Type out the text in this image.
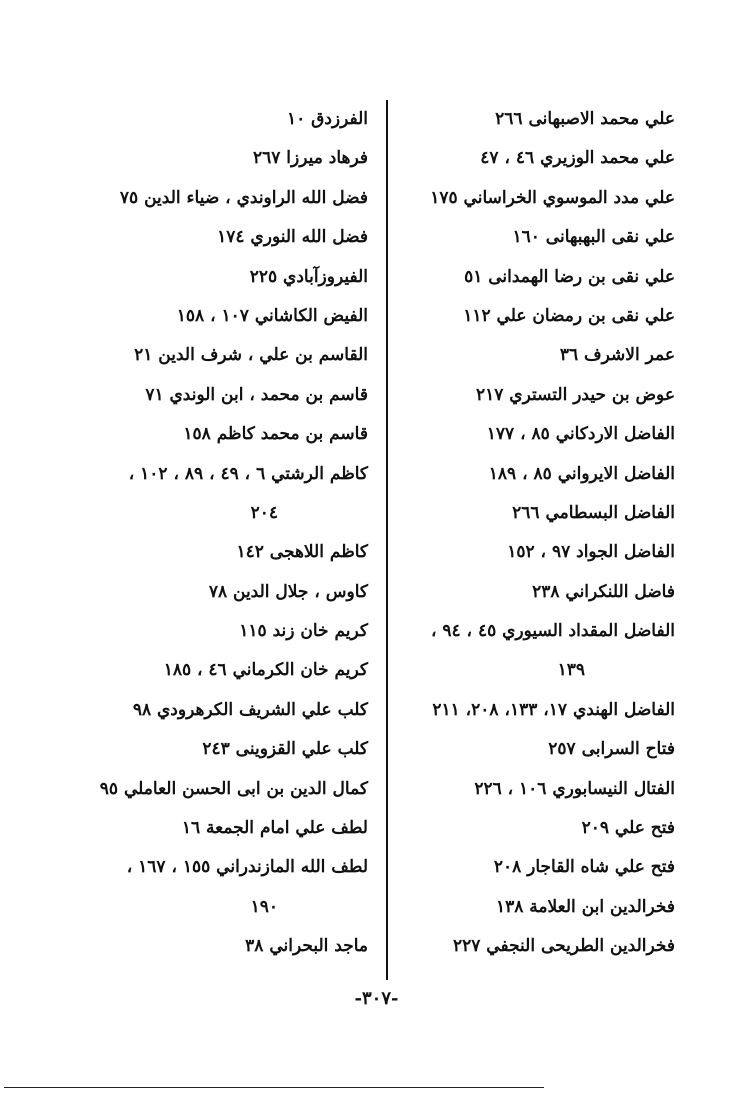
علي محمد الاصبهانى ٢٦٦
علي محمد الوزيري ٤٦ ، ٤٧
علي مدد الموسوي الخراساني ١٧٥
علي نقى البهبهانى ١٦٠
علي نقى بن رضا الهمدانى ٥١
علي نقى بن رمضان علي ١١٢
عمر الاشرف ٣٦
عوض بن حيدر التستري ٢١٧
الفاضل الاردكاني ٨٥ ، ١٧٧
الفاضل الايرواني ٨٥ ، ١٨٩
الفاضل البسطامي ٢٦٦
الفاضل الجواد ٩٧ ، ١٥٢
فاضل اللنكراني ٢٣٨
الفاضل المقداد السيوري ٤٥ ، ٩٤ ،
١٣٩
الفاضل الهندي ١٧، ١٣٣، ٢٠٨، ٢١١
فتاح السرابى ٢٥٧
الفتال النيسابوري ١٠٦ ، ٢٢٦
فتح علي ٢٠٩
فتح علي شاه القاجار ٢٠٨
فخرالدين ابن العلامة ١٣٨
فخرالدين الطريحى النجفي ٢٢٧
الفرزدق ١٠
فرهاد ميرزا ٢٦٧
فضل الله الراوندي ، ضياء الدين ٧٥
فضل الله النوري ١٧٤
الفيروزآبادي ٢٢٥
الفيض الكاشاني ١٠٧ ، ١٥٨
القاسم بن علي ، شرف الدين ٢١
قاسم بن محمد ، ابن الوندي ٧١
قاسم بن محمد كاظم ١٥٨
كاظم الرشتي ٦ ، ٤٩ ، ٨٩ ، ١٠٢ ،
٢٠٤
كاظم اللاهجى ١٤٢
كاوس ، جلال الدين ٧٨
كريم خان زند ١١٥
كريم خان الكرماني ٤٦ ، ١٨٥
كلب علي الشريف الكرهرودي ٩٨
كلب علي القزوينى ٢٤٣
كمال الدين بن ابى الحسن العاملي ٩٥
لطف علي امام الجمعة ١٦
لطف الله المازندراني ١٥٥ ، ١٦٧ ،
١٩٠
ماجد البحراني ٣٨
-٣٠٧-
